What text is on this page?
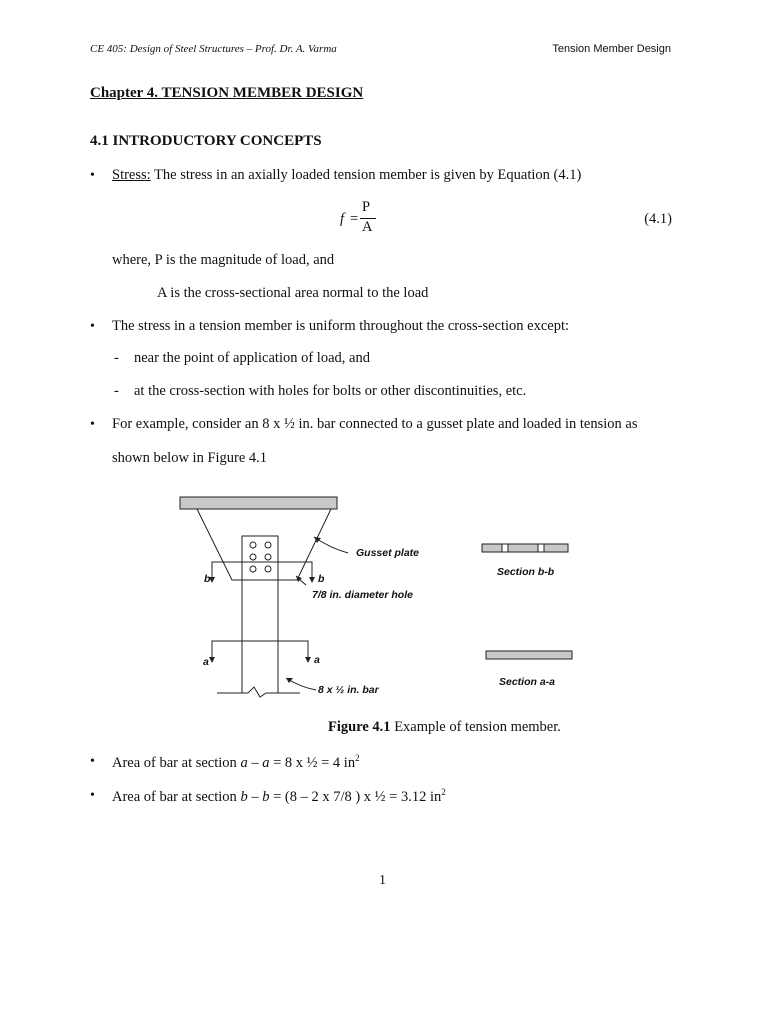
CE 405: Design of Steel Structures – Prof. Dr. A. Varma	Tension Member Design
Chapter 4. TENSION MEMBER DESIGN
4.1 INTRODUCTORY CONCEPTS
• Stress: The stress in an axially loaded tension member is given by Equation (4.1)
f =
P
A	(4.1)
where, P is the magnitude of load, and
A is the cross-sectional area normal to the load
• The stress in a tension member is uniform throughout the cross-section except:
- near the point of application of load, and
- at the cross-section with holes for bolts or other discontinuities, etc.
• For example, consider an 8 x ½ in. bar connected to a gusset plate and loaded in tension as
shown below in Figure 4.1
Gusset plate
7/8 in. diameter hole
8 x ½ in. bar
b	b
a	a
Section b-b
Section a-a
Figure 4.1 Example of tension member.
• Area of bar at section a – a = 8 x ½ = 4 $in^2$
• Area of bar at section b – b = (8 – 2 x 7/8 ) x ½ = 3.12 $in^2$
1
